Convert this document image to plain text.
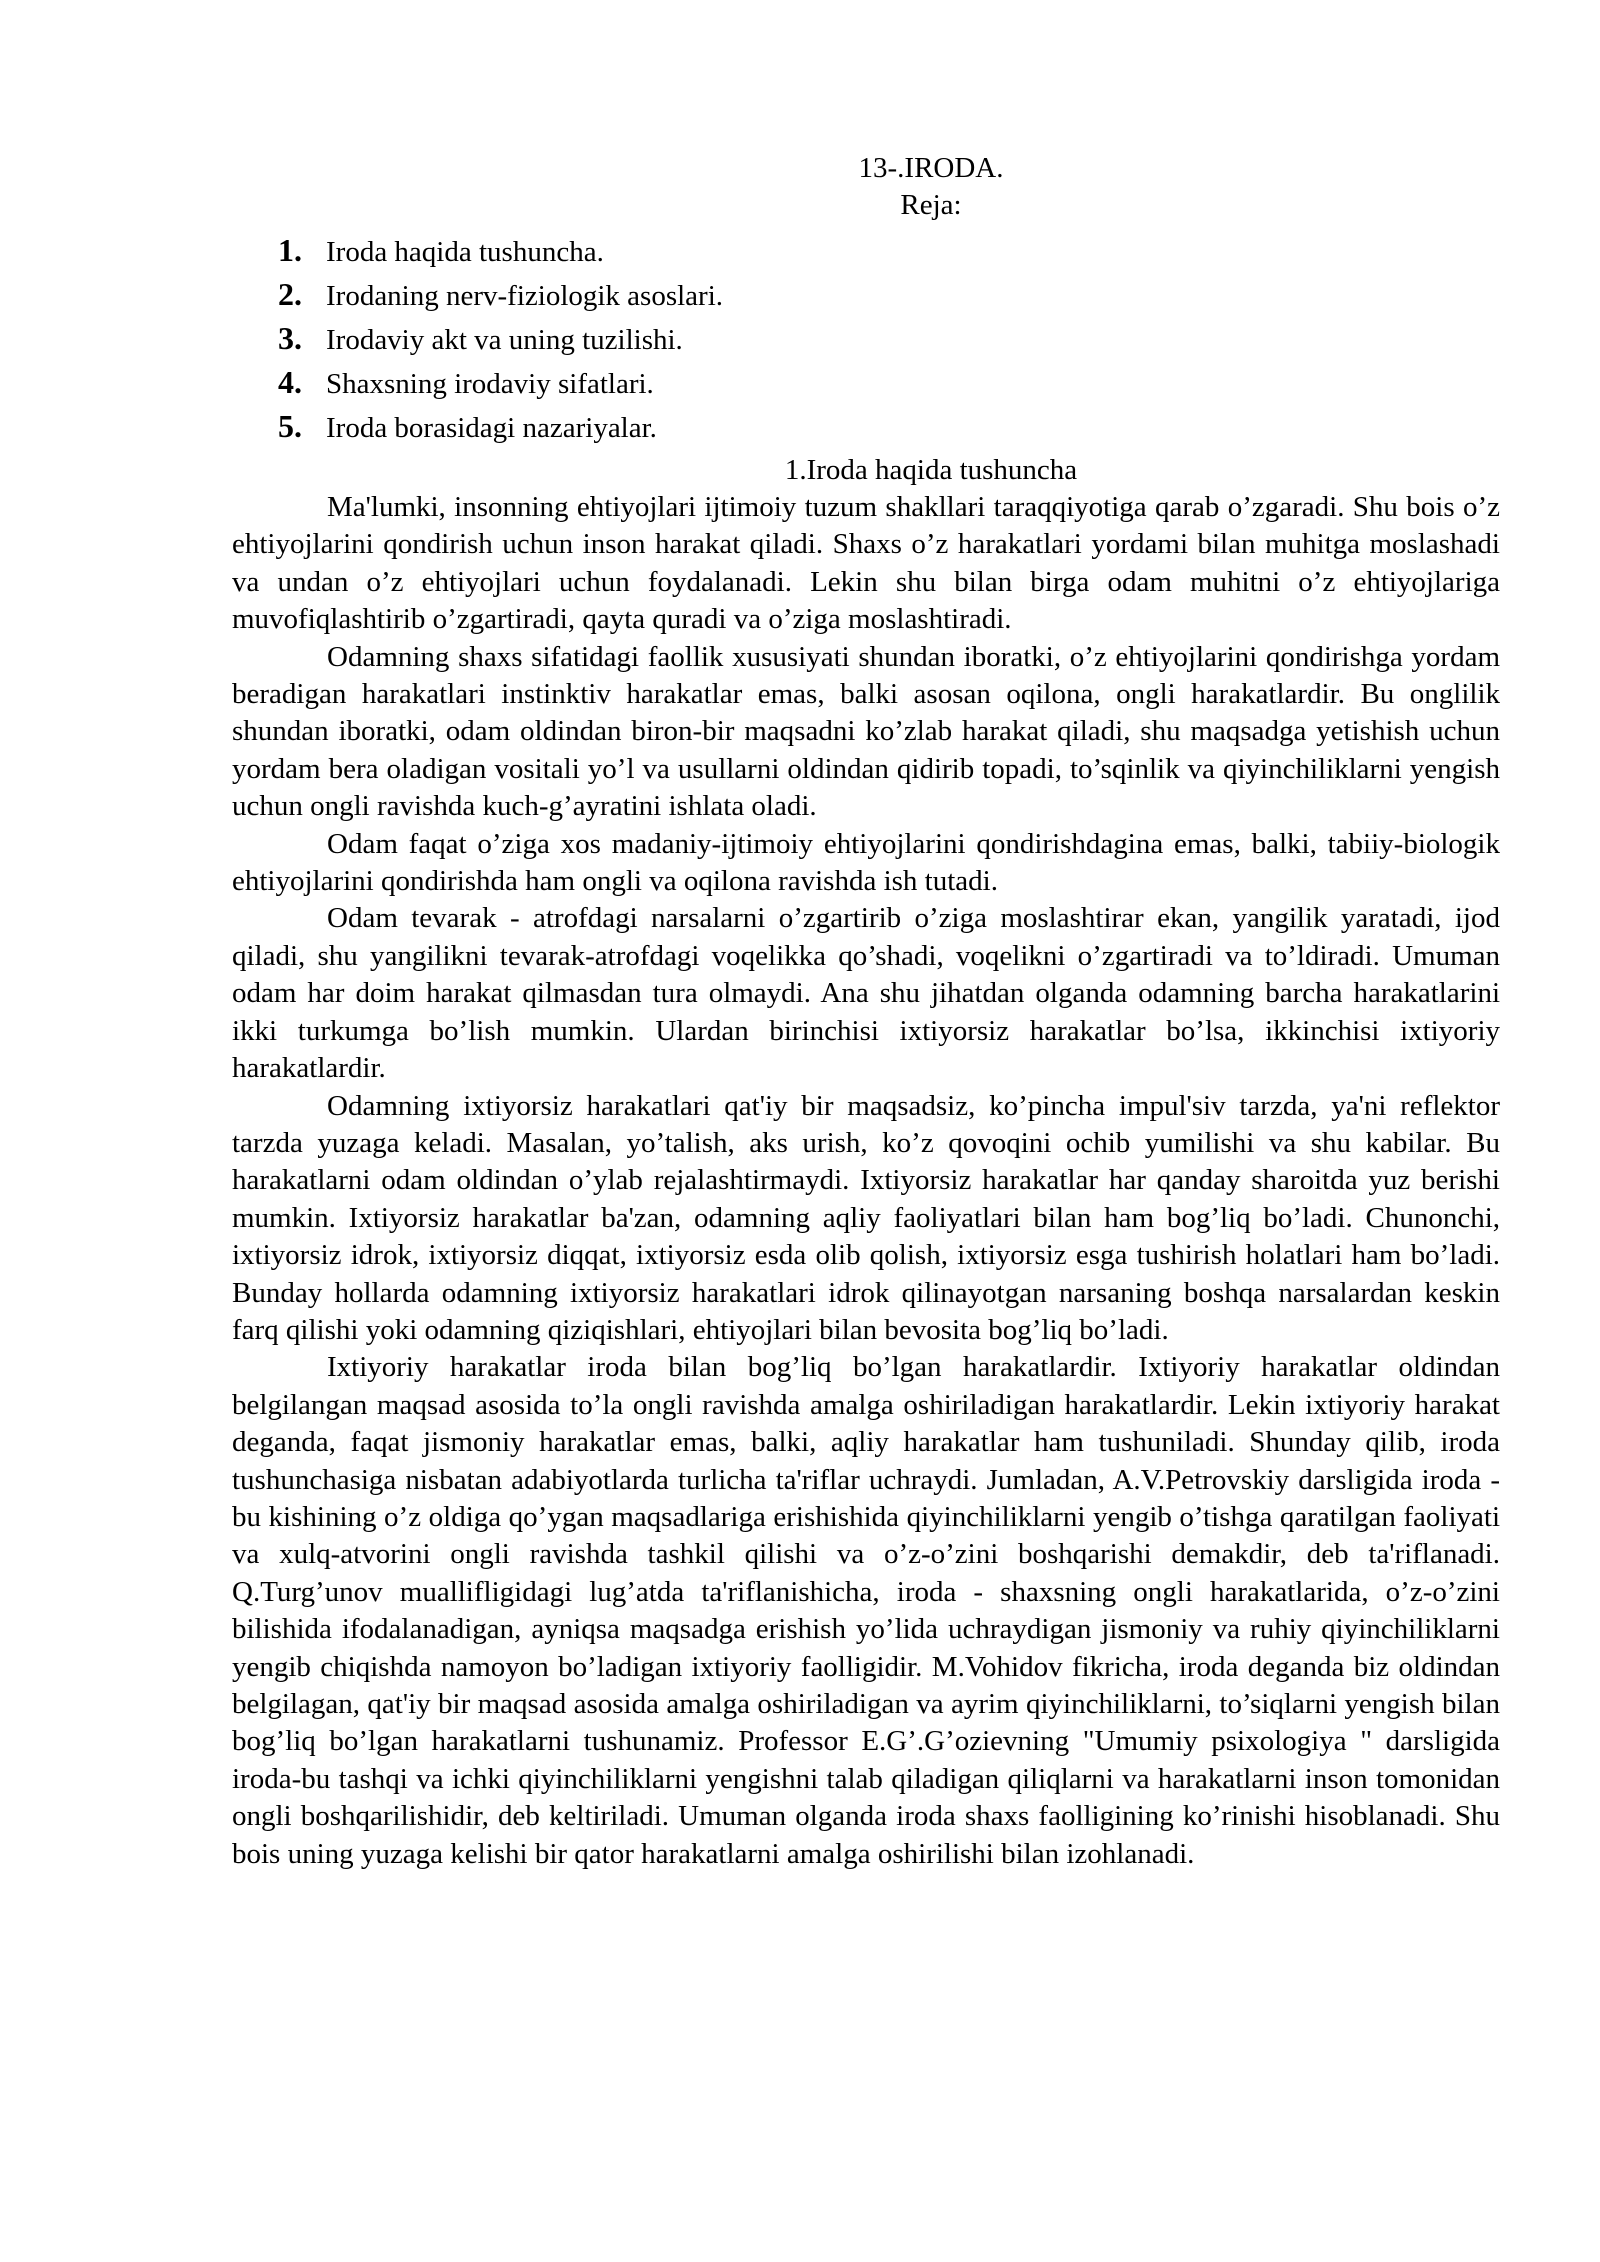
13-.IRODA.

Reja:

1. Iroda haqida tushuncha.
2. Irodaning nerv-fiziologik asoslari.
3. Irodaviy akt va uning tuzilishi.
4. Shaxsning irodaviy sifatlari.
5. Iroda borasidagi nazariyalar.

1.Iroda haqida tushuncha

Ma'lumki, insonning ehtiyojlari ijtimoiy tuzum shakllari taraqqiyotiga qarab o’zgaradi. Shu bois o’z ehtiyojlarini qondirish uchun inson harakat qiladi. Shaxs o’z harakatlari yordami bilan muhitga moslashadi va undan o’z ehtiyojlari uchun foydalanadi. Lekin shu bilan birga odam muhitni o’z ehtiyojlariga muvofiqlashtirib o’zgartiradi, qayta quradi va o’ziga moslashtiradi.

Odamning shaxs sifatidagi faollik xususiyati shundan iboratki, o’z ehtiyojlarini qondirishga yordam beradigan harakatlari instinktiv harakatlar emas, balki asosan oqilona, ongli harakatlardir. Bu onglilik shundan iboratki, odam oldindan biron-bir maqsadni ko’zlab harakat qiladi, shu maqsadga yetishish uchun yordam bera oladigan vositali yo’l va usullarni oldindan qidirib topadi, to’sqinlik va qiyinchiliklarni yengish uchun ongli ravishda kuch-g’ayratini ishlata oladi.

Odam faqat o’ziga xos madaniy-ijtimoiy ehtiyojlarini qondirishdagina emas, balki, tabiiy-biologik ehtiyojlarini qondirishda ham ongli va oqilona ravishda ish tutadi.

Odam tevarak - atrofdagi narsalarni o’zgartirib o’ziga moslashtirar ekan, yangilik yaratadi, ijod qiladi, shu yangilikni tevarak-atrofdagi voqelikka qo’shadi, voqelikni o’zgartiradi va to’ldiradi. Umuman odam har doim harakat qilmasdan tura olmaydi. Ana shu jihatdan olganda odamning barcha harakatlarini ikki turkumga bo’lish mumkin. Ulardan birinchisi ixtiyorsiz harakatlar bo’lsa, ikkinchisi ixtiyoriy harakatlardir.

Odamning ixtiyorsiz harakatlari qat'iy bir maqsadsiz, ko’pincha impul'siv tarzda, ya'ni reflektor tarzda yuzaga keladi. Masalan, yo’talish, aks urish, ko’z qovoqini ochib yumilishi va shu kabilar. Bu harakatlarni odam oldindan o’ylab rejalashtirmaydi. Ixtiyorsiz harakatlar har qanday sharoitda yuz berishi mumkin. Ixtiyorsiz harakatlar ba'zan, odamning aqliy faoliyatlari bilan ham bog’liq bo’ladi. Chunonchi, ixtiyorsiz idrok, ixtiyorsiz diqqat, ixtiyorsiz esda olib qolish, ixtiyorsiz esga tushirish holatlari ham bo’ladi. Bunday hollarda odamning ixtiyorsiz harakatlari idrok qilinayotgan narsaning boshqa narsalardan keskin farq qilishi yoki odamning qiziqishlari, ehtiyojlari bilan bevosita bog’liq bo’ladi.

Ixtiyoriy harakatlar iroda bilan bog’liq bo’lgan harakatlardir. Ixtiyoriy harakatlar oldindan belgilangan maqsad asosida to’la ongli ravishda amalga oshiriladigan harakatlardir. Lekin ixtiyoriy harakat deganda, faqat jismoniy harakatlar emas, balki, aqliy harakatlar ham tushuniladi. Shunday qilib, iroda tushunchasiga nisbatan adabiyotlarda turlicha ta'riflar uchraydi. Jumladan, A.V.Petrovskiy darsligida iroda - bu kishining o’z oldiga qo’ygan maqsadlariga erishishida qiyinchiliklarni yengib o’tishga qaratilgan faoliyati va xulq-atvorini ongli ravishda tashkil qilishi va o’z-o’zini boshqarishi demakdir, deb ta'riflanadi. Q.Turg’unov muallifligidagi lug’atda ta'riflanishicha, iroda - shaxsning ongli harakatlarida, o’z-o’zini bilishida ifodalanadigan, ayniqsa maqsadga erishish yo’lida uchraydigan jismoniy va ruhiy qiyinchiliklarni yengib chiqishda namoyon bo’ladigan ixtiyoriy faolligidir. M.Vohidov fikricha, iroda deganda biz oldindan belgilagan, qat'iy bir maqsad asosida amalga oshiriladigan va ayrim qiyinchiliklarni, to’siqlarni yengish bilan bog’liq bo’lgan harakatlarni tushunamiz. Professor E.G’.G’ozievning "Umumiy psixologiya " darsligida iroda-bu tashqi va ichki qiyinchiliklarni yengishni talab qiladigan qiliqlarni va harakatlarni inson tomonidan ongli boshqarilishidir, deb keltiriladi. Umuman olganda iroda shaxs faolligining ko’rinishi hisoblanadi. Shu bois uning yuzaga kelishi bir qator harakatlarni amalga oshirilishi bilan izohlanadi.
